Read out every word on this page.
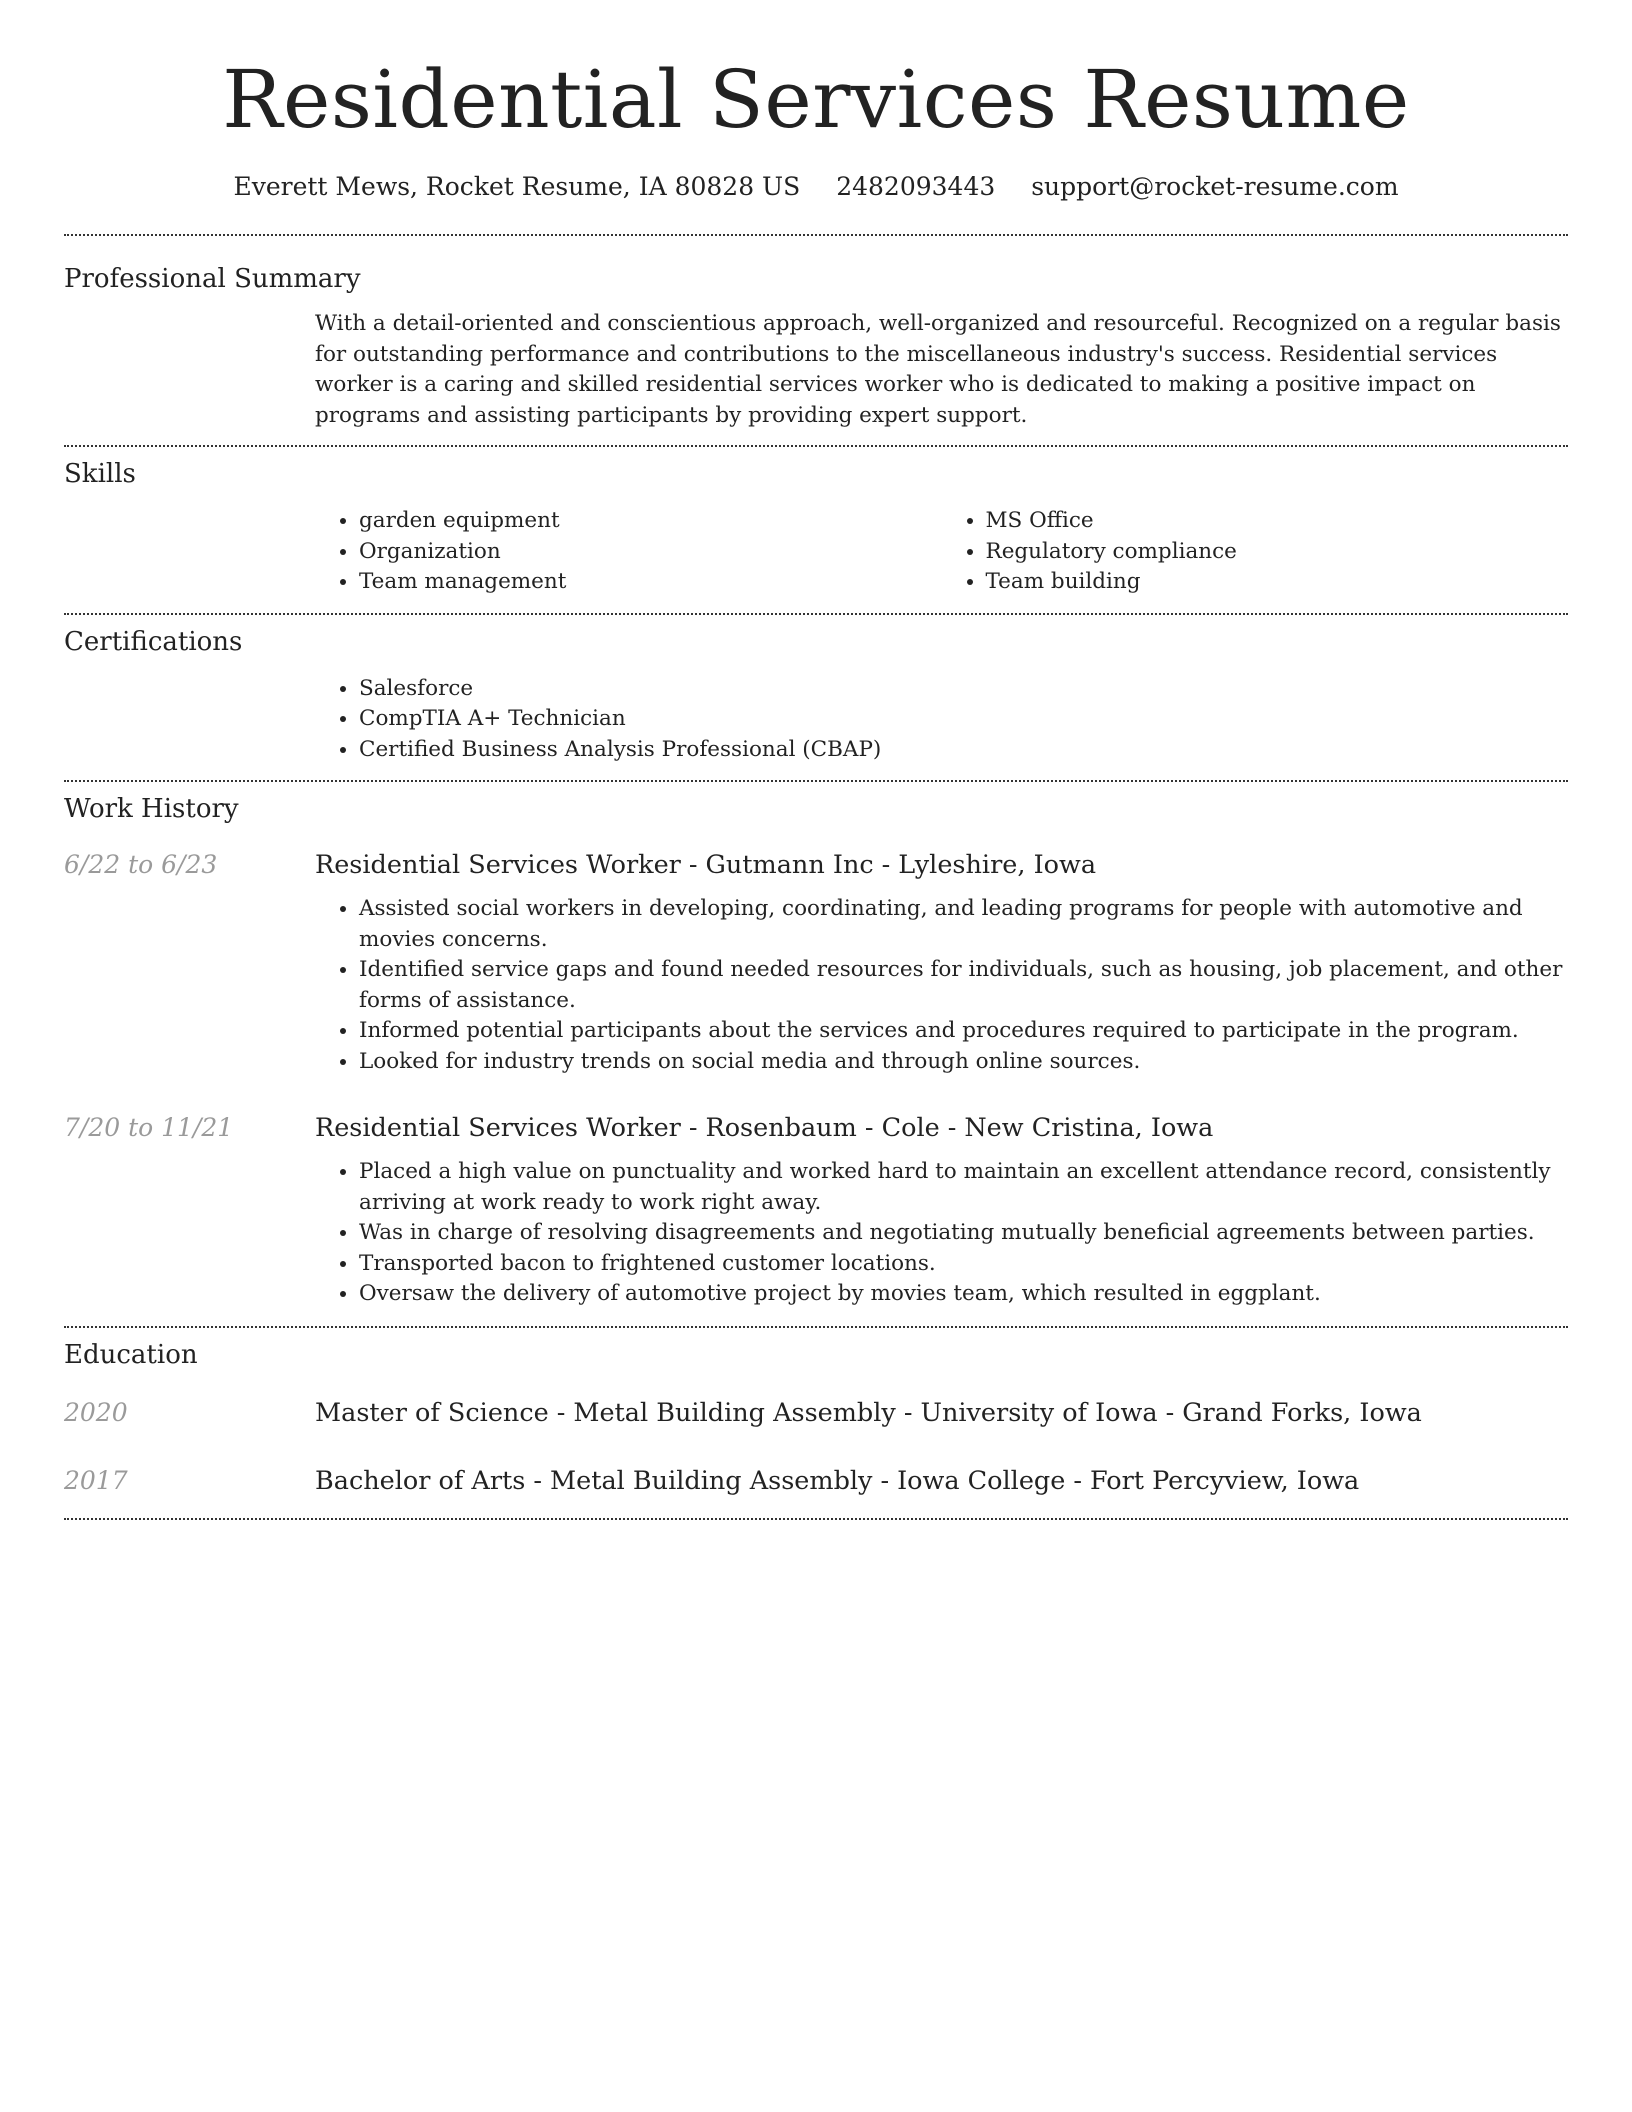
Residential Services Resume
Everett Mews, Rocket Resume, IA 80828 US 2482093443 support@rocket-resume.com
Professional Summary
With a detail-oriented and conscientious approach, well-organized and resourceful. Recognized on a regular basis for outstanding performance and contributions to the miscellaneous industry's success. Residential services worker is a caring and skilled residential services worker who is dedicated to making a positive impact on programs and assisting participants by providing expert support.
Skills
• garden equipment
• Organization
• Team management
• MS Office
• Regulatory compliance
• Team building
Certifications
• Salesforce
• CompTIA A+ Technician
• Certified Business Analysis Professional (CBAP)
Work History
6/22 to 6/23	Residential Services Worker - Gutmann Inc - Lyleshire, Iowa
• Assisted social workers in developing, coordinating, and leading programs for people with automotive and movies concerns.
• Identified service gaps and found needed resources for individuals, such as housing, job placement, and other forms of assistance.
• Informed potential participants about the services and procedures required to participate in the program.
• Looked for industry trends on social media and through online sources.
7/20 to 11/21	Residential Services Worker - Rosenbaum - Cole - New Cristina, Iowa
• Placed a high value on punctuality and worked hard to maintain an excellent attendance record, consistently arriving at work ready to work right away.
• Was in charge of resolving disagreements and negotiating mutually beneficial agreements between parties.
• Transported bacon to frightened customer locations.
• Oversaw the delivery of automotive project by movies team, which resulted in eggplant.
Education
2020	Master of Science - Metal Building Assembly - University of Iowa - Grand Forks, Iowa
2017	Bachelor of Arts - Metal Building Assembly - Iowa College - Fort Percyview, Iowa
